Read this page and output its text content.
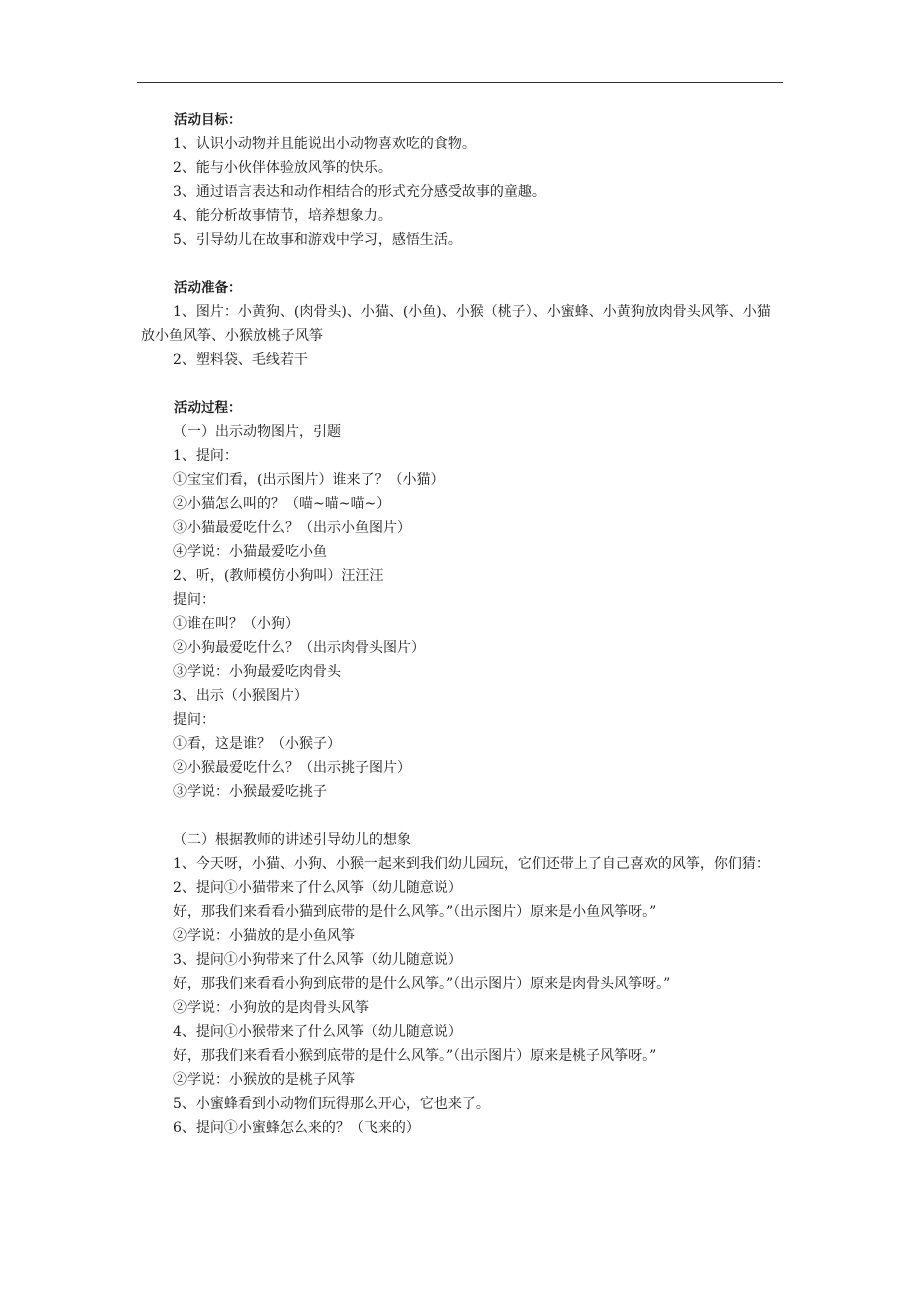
活动目标：
1、认识小动物并且能说出小动物喜欢吃的食物。
2、能与小伙伴体验放风筝的快乐。
3、通过语言表达和动作相结合的形式充分感受故事的童趣。
4、能分析故事情节，培养想象力。
5、引导幼儿在故事和游戏中学习，感悟生活。
活动准备：
1、图片：小黄狗、(肉骨头)、小猫、(小鱼)、小猴（桃子）、小蜜蜂、小黄狗放肉骨头风筝、小猫放小鱼风筝、小猴放桃子风筝
2、塑料袋、毛线若干
活动过程：
（一）出示动物图片，引题
1、提问：
①宝宝们看，(出示图片）谁来了？（小猫）
②小猫怎么叫的？（喵~喵~喵~）
③小猫最爱吃什么？（出示小鱼图片）
④学说：小猫最爱吃小鱼
2、听，(教师模仿小狗叫）汪汪汪
提问：
①谁在叫？（小狗）
②小狗最爱吃什么？（出示肉骨头图片）
③学说：小狗最爱吃肉骨头
3、出示（小猴图片）
提问：
①看，这是谁？（小猴子）
②小猴最爱吃什么？（出示挑子图片）
③学说：小猴最爱吃挑子
（二）根据教师的讲述引导幼儿的想象
1、今天呀，小猫、小狗、小猴一起来到我们幼儿园玩，它们还带上了自己喜欢的风筝，你们猜：
2、提问①小猫带来了什么风筝（幼儿随意说）
好，那我们来看看小猫到底带的是什么风筝。”（出示图片）原来是小鱼风筝呀。”
②学说：小猫放的是小鱼风筝
3、提问①小狗带来了什么风筝（幼儿随意说）
好，那我们来看看小狗到底带的是什么风筝。”（出示图片）原来是肉骨头风筝呀。”
②学说：小狗放的是肉骨头风筝
4、提问①小猴带来了什么风筝（幼儿随意说）
好，那我们来看看小猴到底带的是什么风筝。”（出示图片）原来是桃子风筝呀。”
②学说：小猴放的是桃子风筝
5、小蜜蜂看到小动物们玩得那么开心，它也来了。
6、提问①小蜜蜂怎么来的？（飞来的）
